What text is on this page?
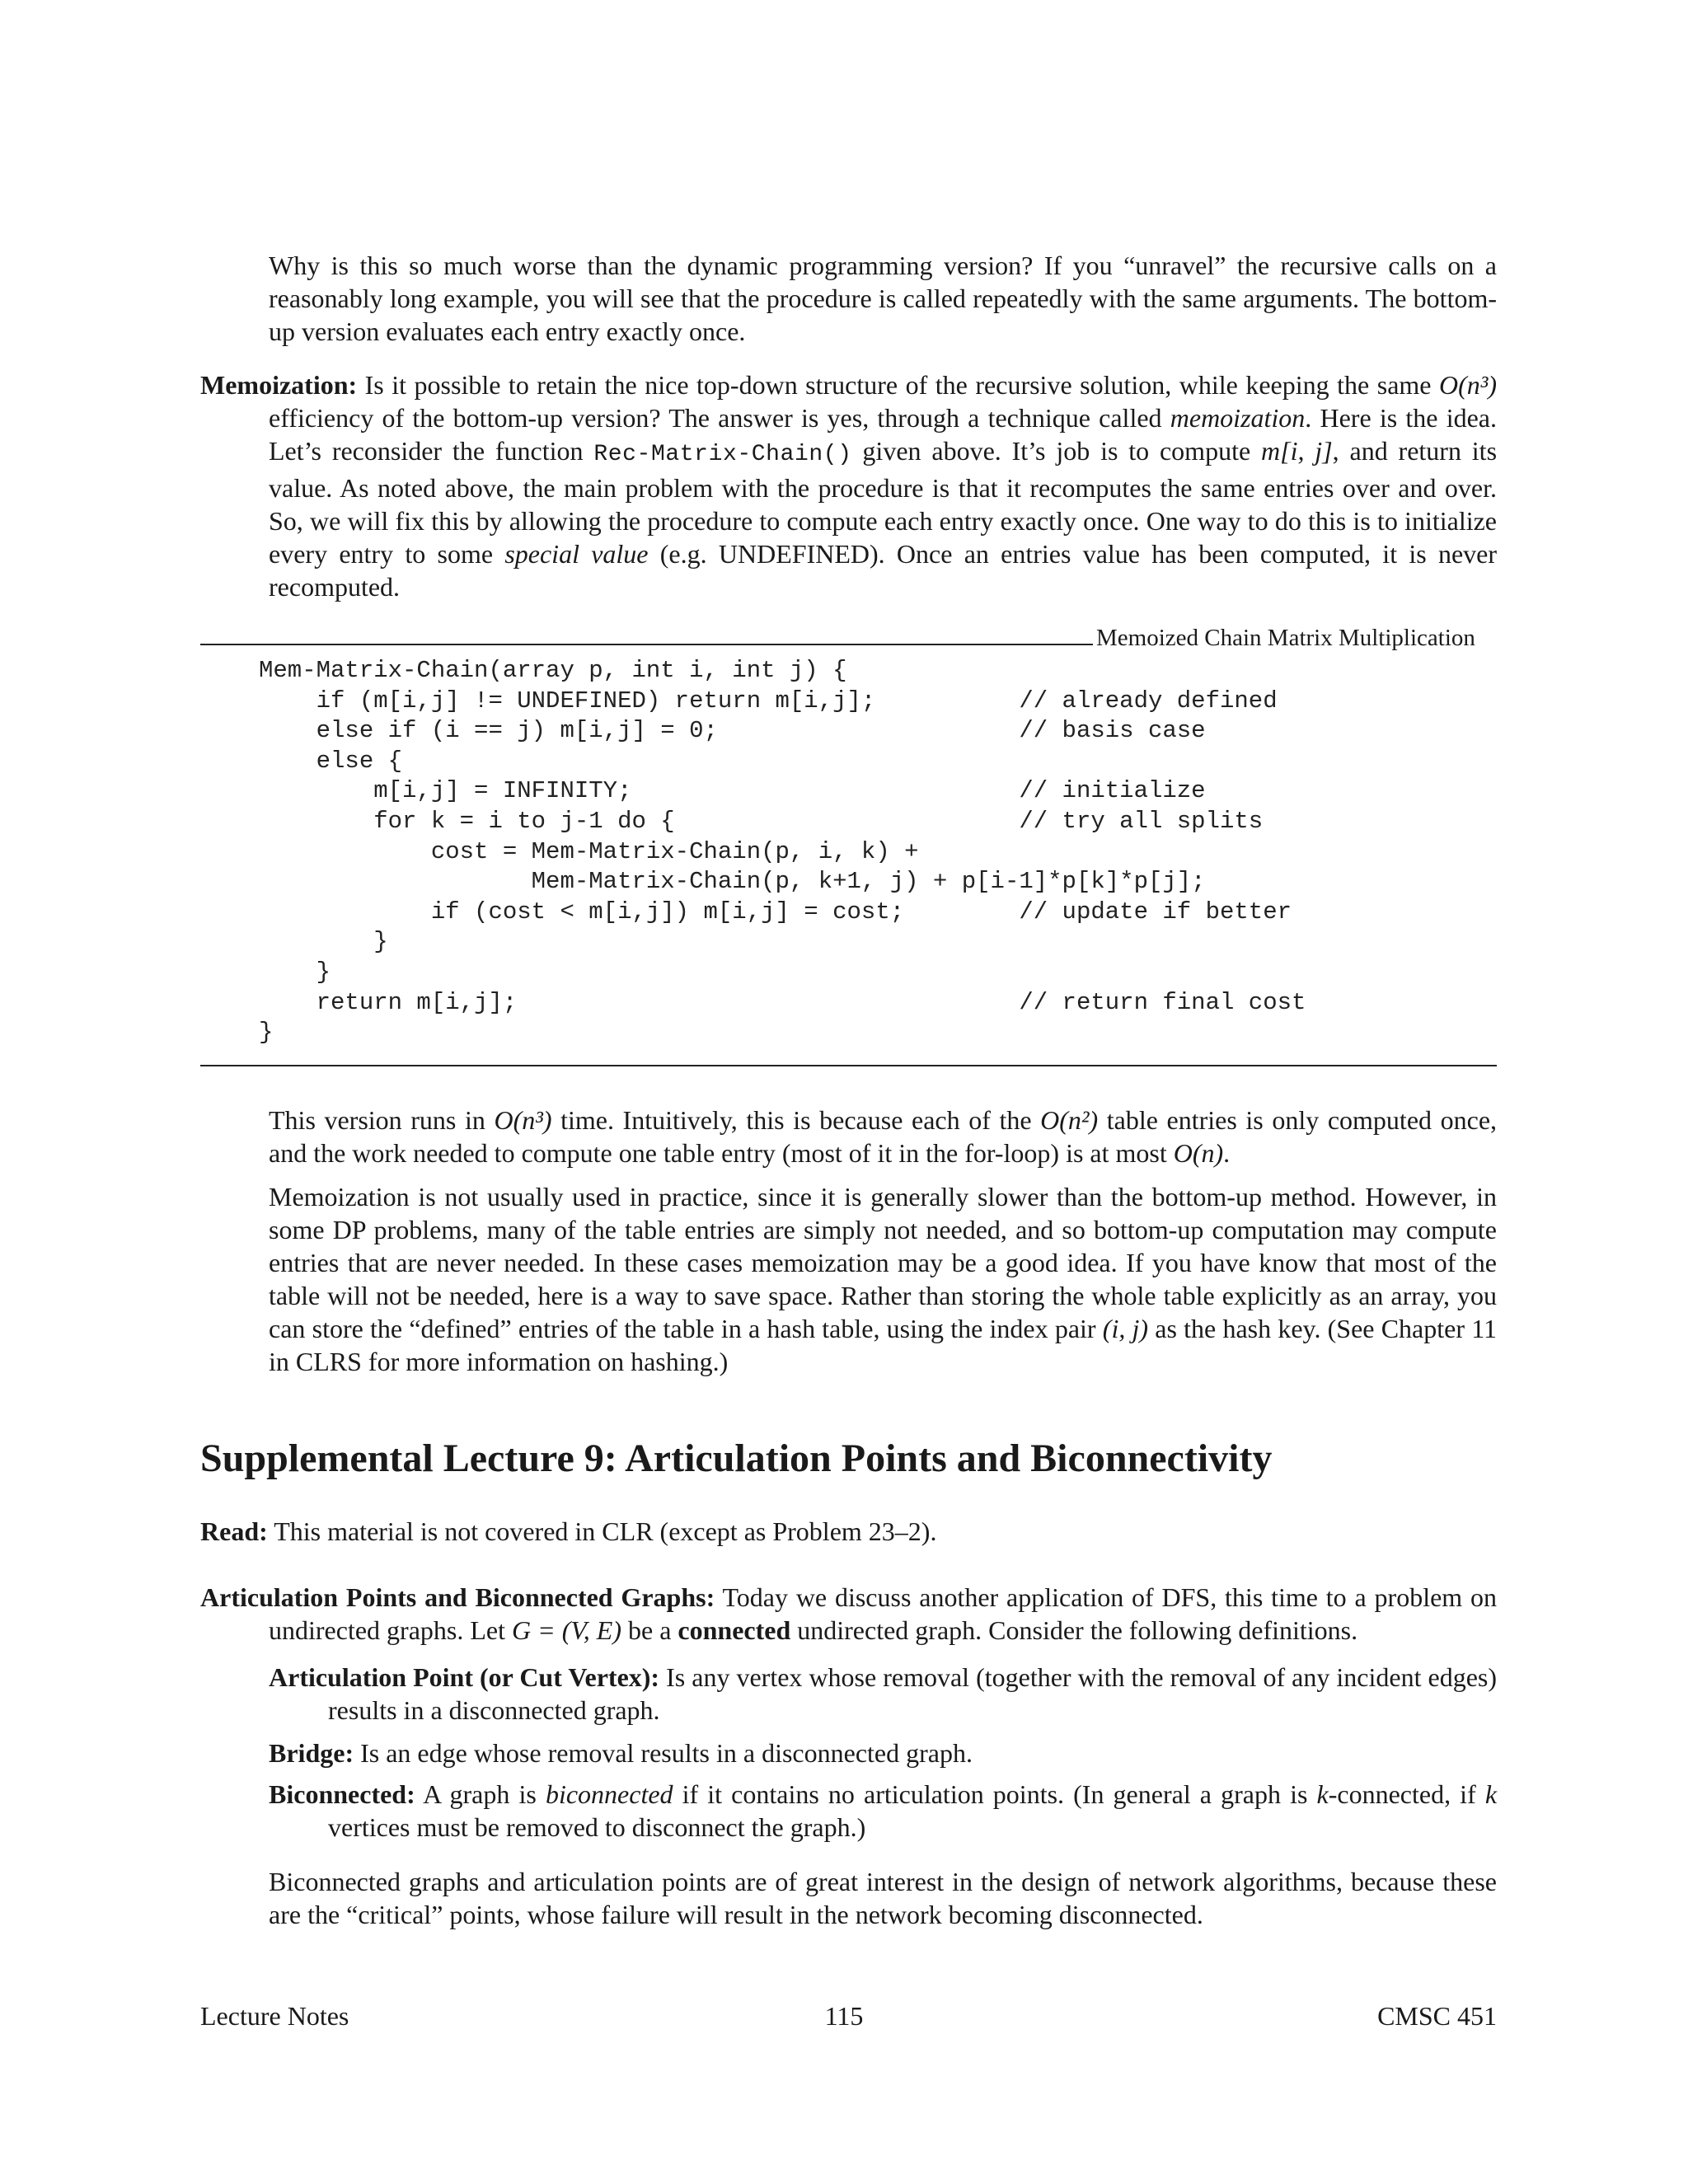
Why is this so much worse than the dynamic programming version? If you “unravel” the recursive calls on a reasonably long example, you will see that the procedure is called repeatedly with the same arguments. The bottom-up version evaluates each entry exactly once.

Memoization: Is it possible to retain the nice top-down structure of the recursive solution, while keeping the same O(n³) efficiency of the bottom-up version? The answer is yes, through a technique called memoization. Here is the idea. Let’s reconsider the function Rec-Matrix-Chain() given above. It’s job is to compute m[i, j], and return its value. As noted above, the main problem with the procedure is that it recomputes the same entries over and over. So, we will fix this by allowing the procedure to compute each entry exactly once. One way to do this is to initialize every entry to some special value (e.g. UNDEFINED). Once an entries value has been computed, it is never recomputed.

Memoized Chain Matrix Multiplication
Mem-Matrix-Chain(array p, int i, int j) {
if (m[i,j] != UNDEFINED) return m[i,j];          // already defined
else if (i == j) m[i,j] = 0;                     // basis case
else {
m[i,j] = INFINITY;                           // initialize
for k = i to j-1 do {                        // try all splits
cost = Mem-Matrix-Chain(p, i, k) +
Mem-Matrix-Chain(p, k+1, j) + p[i-1]*p[k]*p[j];
if (cost < m[i,j]) m[i,j] = cost;        // update if better
}
}
return m[i,j];                                   // return final cost
}

This version runs in O(n³) time. Intuitively, this is because each of the O(n²) table entries is only computed once, and the work needed to compute one table entry (most of it in the for-loop) is at most O(n).

Memoization is not usually used in practice, since it is generally slower than the bottom-up method. However, in some DP problems, many of the table entries are simply not needed, and so bottom-up computation may compute entries that are never needed. In these cases memoization may be a good idea. If you have know that most of the table will not be needed, here is a way to save space. Rather than storing the whole table explicitly as an array, you can store the “defined” entries of the table in a hash table, using the index pair (i, j) as the hash key. (See Chapter 11 in CLRS for more information on hashing.)

Supplemental Lecture 9: Articulation Points and Biconnectivity

Read: This material is not covered in CLR (except as Problem 23–2).

Articulation Points and Biconnected Graphs: Today we discuss another application of DFS, this time to a problem on undirected graphs. Let G = (V, E) be a connected undirected graph. Consider the following definitions.

Articulation Point (or Cut Vertex): Is any vertex whose removal (together with the removal of any incident edges) results in a disconnected graph.

Bridge: Is an edge whose removal results in a disconnected graph.

Biconnected: A graph is biconnected if it contains no articulation points. (In general a graph is k-connected, if k vertices must be removed to disconnect the graph.)

Biconnected graphs and articulation points are of great interest in the design of network algorithms, because these are the “critical” points, whose failure will result in the network becoming disconnected.

Lecture Notes	115	CMSC 451
